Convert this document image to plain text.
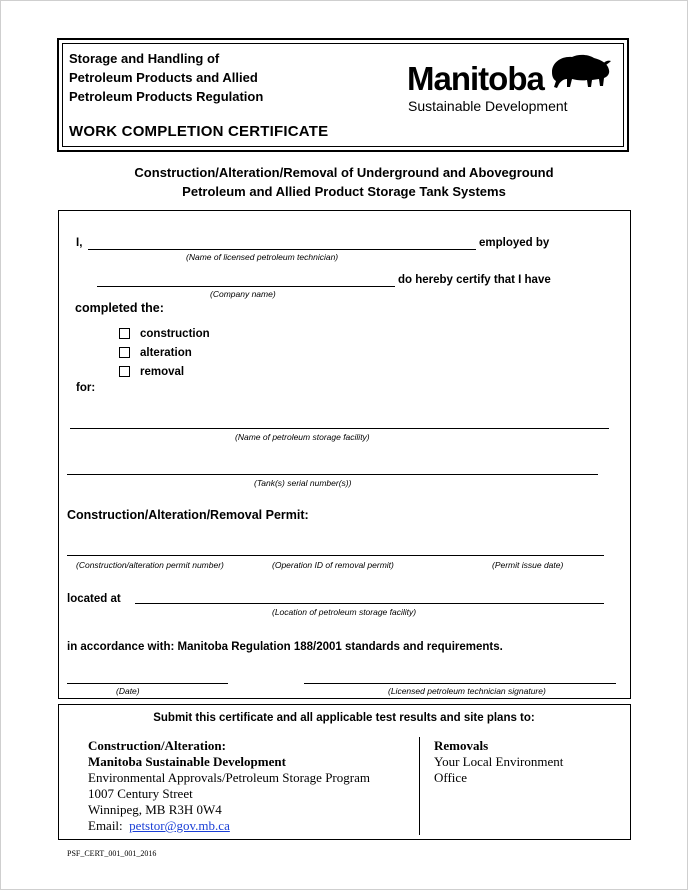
Storage and Handling of
Petroleum Products and Allied
Petroleum Products Regulation
WORK COMPLETION CERTIFICATE
Manitoba
Sustainable Development
Construction/Alteration/Removal of Underground and Aboveground
Petroleum and Allied Product Storage Tank Systems
I,	employed by
(Name of licensed petroleum technician)
do hereby certify that I have
(Company name)
completed the:
construction
alteration
removal
for:
(Name of petroleum storage facility)
(Tank(s) serial number(s))
Construction/Alteration/Removal Permit:
(Construction/alteration permit number)	(Operation ID of removal permit)	(Permit issue date)
located at
(Location of petroleum storage facility)
in accordance with: Manitoba Regulation 188/2001 standards and requirements.
(Date)	(Licensed petroleum technician signature)
Submit this certificate and all applicable test results and site plans to:
Construction/Alteration:
Manitoba Sustainable Development
Environmental Approvals/Petroleum Storage Program
1007 Century Street
Winnipeg, MB R3H 0W4
Email: petstor@gov.mb.ca
Removals
Your Local Environment
Office
PSF_CERT_001_001_2016
